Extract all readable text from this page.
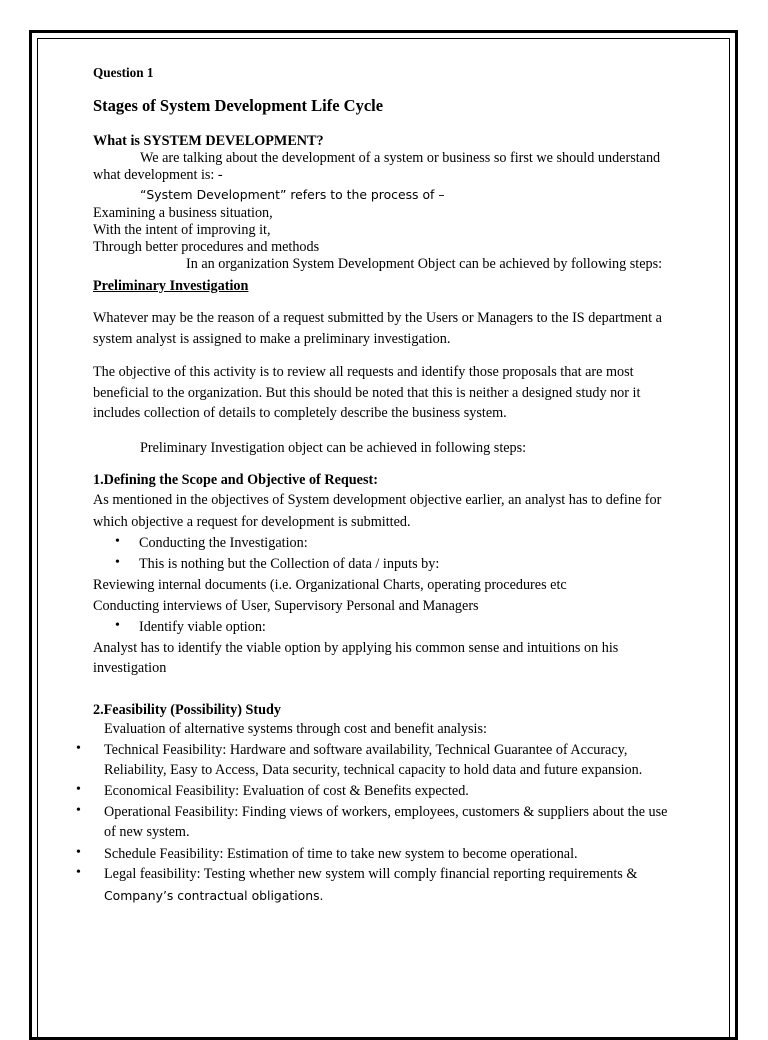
Question 1
Stages of System Development Life Cycle
What is SYSTEM DEVELOPMENT?
We are talking about the development of a system or business so first we should understand
what development is: -
“System Development” refers to the process of –
Examining a business situation,
With the intent of improving it,
Through better procedures and methods
In an organization System Development Object can be achieved by following steps:
Preliminary Investigation
Whatever may be the reason of a request submitted by the Users or Managers to the IS department a
system analyst is assigned to make a preliminary investigation.
The objective of this activity is to review all requests and identify those proposals that are most
beneficial to the organization. But this should be noted that this is neither a designed study nor it
includes collection of details to completely describe the business system.
Preliminary Investigation object can be achieved in following steps:
1.Defining the Scope and Objective of Request:
As mentioned in the objectives of System development objective earlier, an analyst has to define for
which objective a request for development is submitted.
• Conducting the Investigation:
• This is nothing but the Collection of data / inputs by:
Reviewing internal documents (i.e. Organizational Charts, operating procedures etc
Conducting interviews of User, Supervisory Personal and Managers
• Identify viable option:
Analyst has to identify the viable option by applying his common sense and intuitions on his
investigation
2.Feasibility (Possibility) Study
Evaluation of alternative systems through cost and benefit analysis:
• Technical Feasibility: Hardware and software availability, Technical Guarantee of Accuracy,
Reliability, Easy to Access, Data security, technical capacity to hold data and future expansion.
• Economical Feasibility: Evaluation of cost & Benefits expected.
• Operational Feasibility: Finding views of workers, employees, customers & suppliers about the use
of new system.
• Schedule Feasibility: Estimation of time to take new system to become operational.
• Legal feasibility: Testing whether new system will comply financial reporting requirements &
Company’s contractual obligations.
